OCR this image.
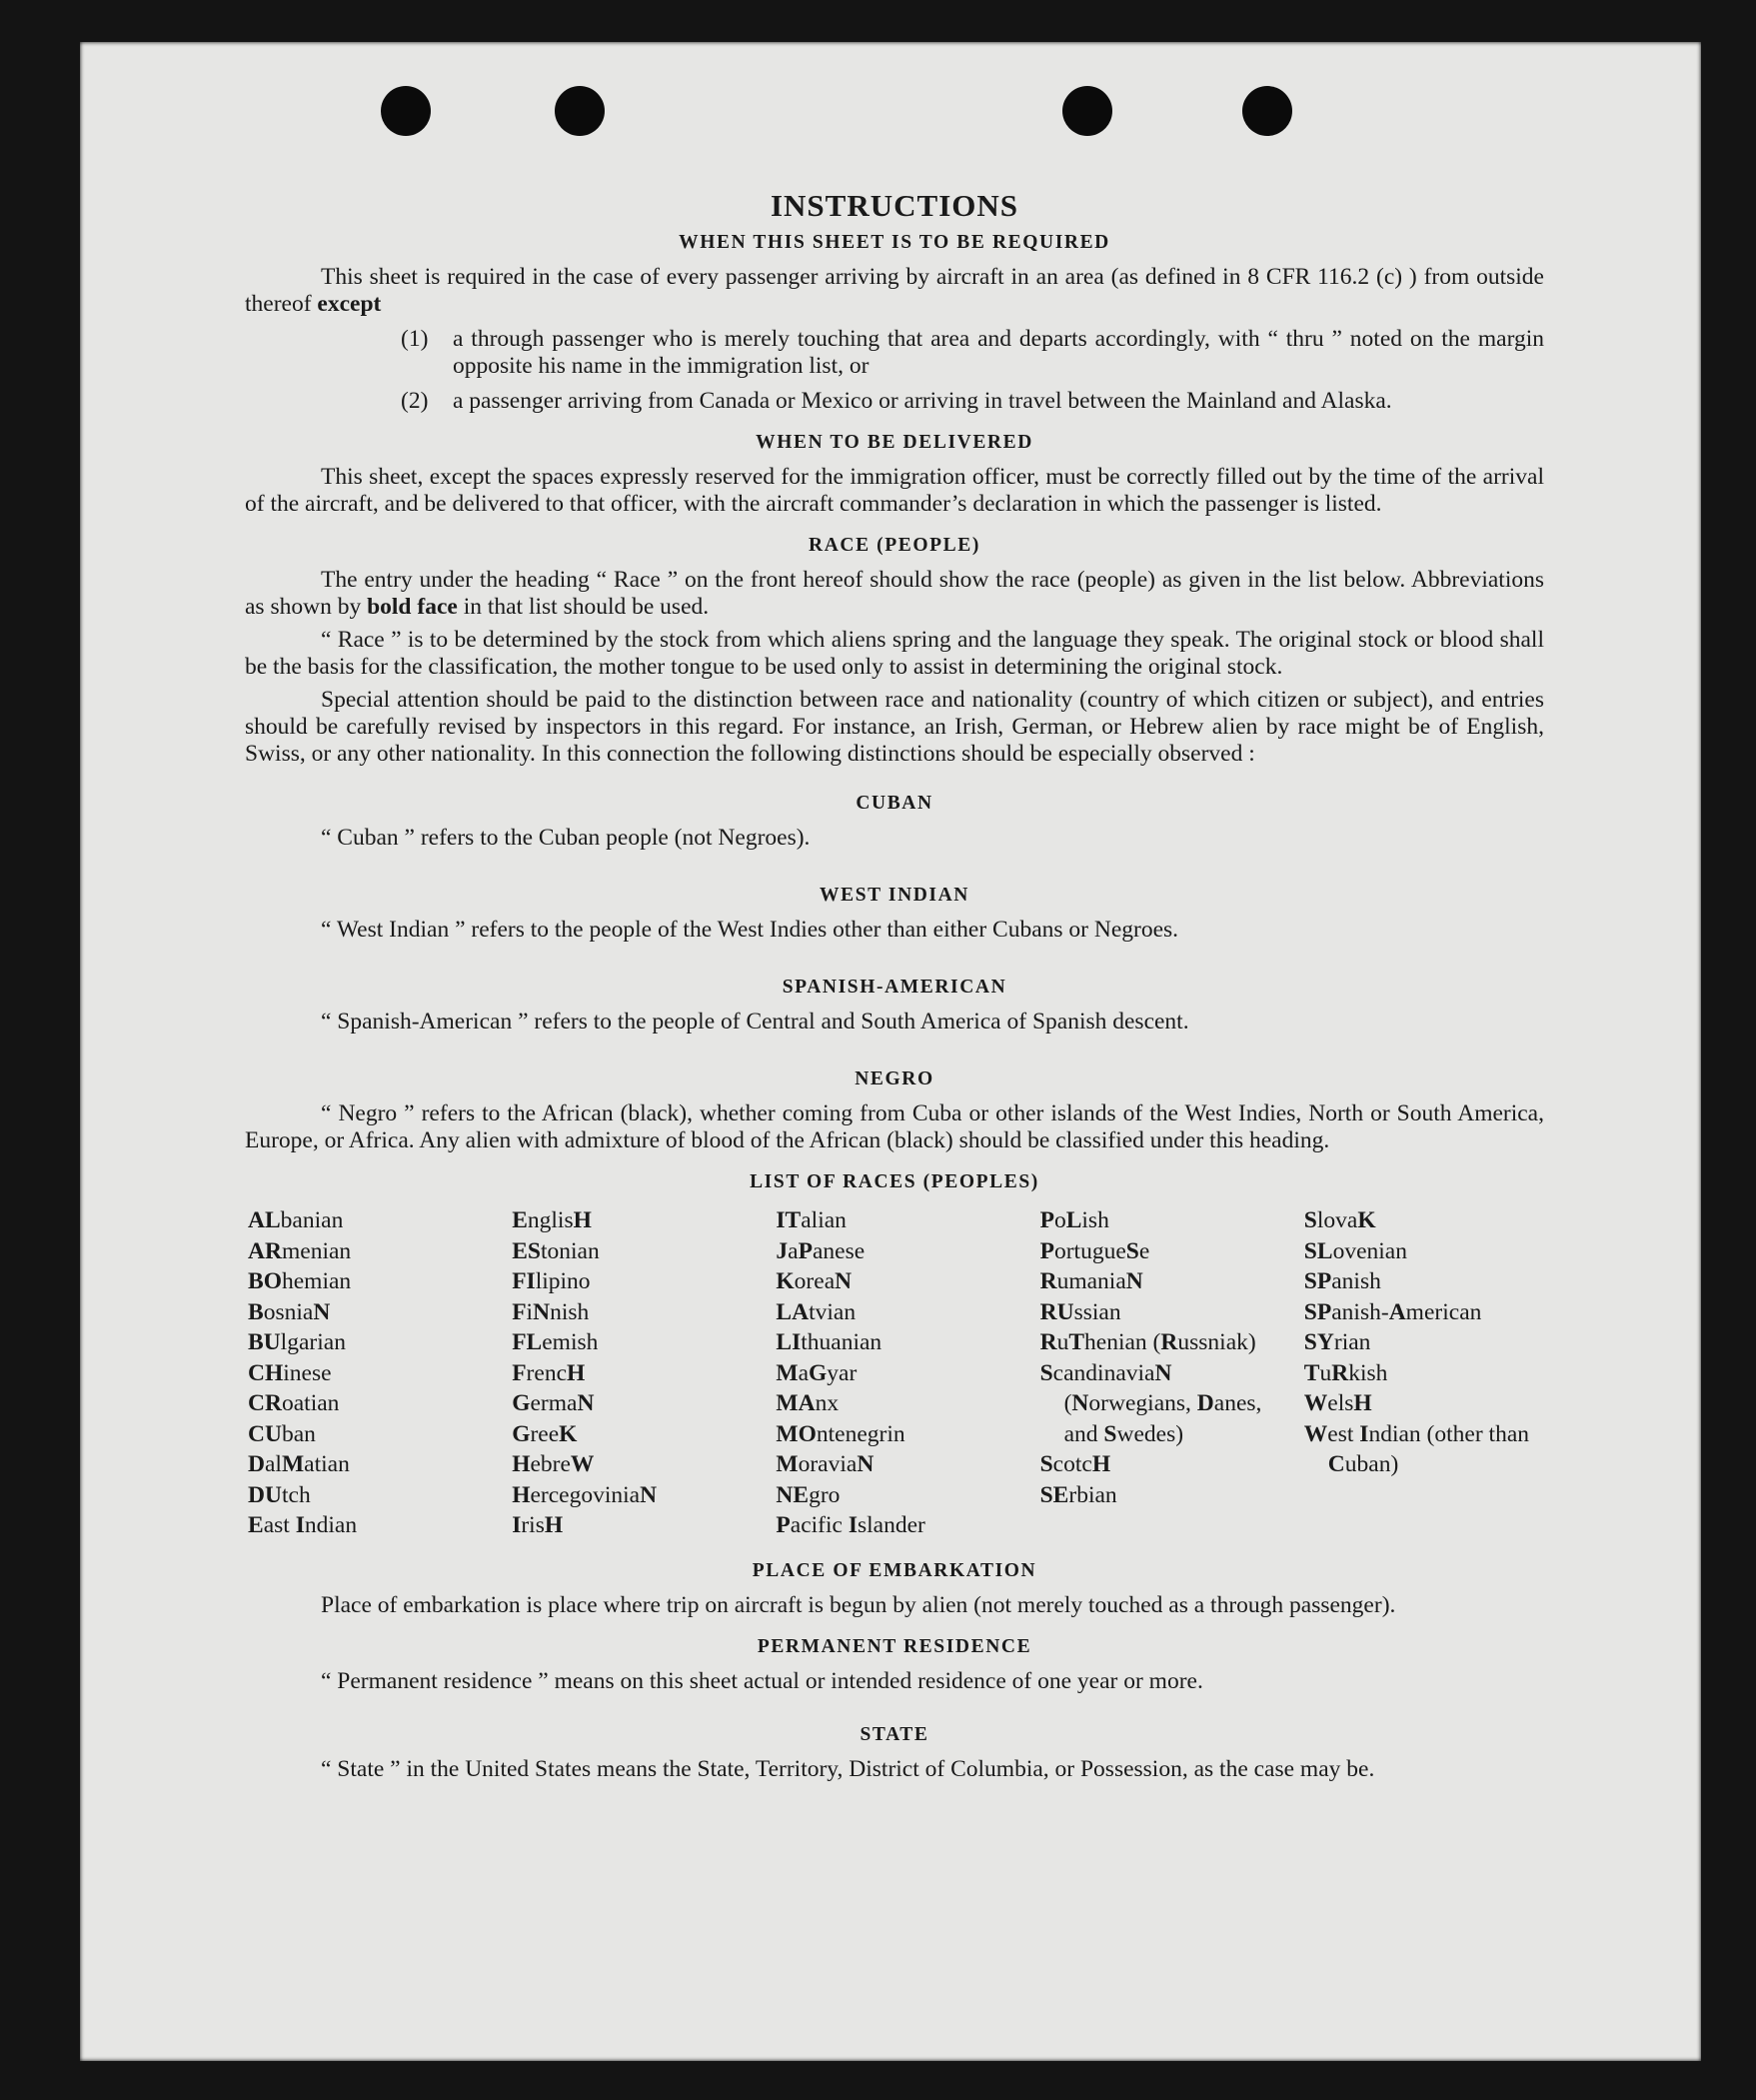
INSTRUCTIONS
WHEN THIS SHEET IS TO BE REQUIRED

This sheet is required in the case of every passenger arriving by aircraft in an area (as defined in 8 CFR 116.2 (c) ) from outside thereof except

(1) a through passenger who is merely touching that area and departs accordingly, with “ thru ” noted on the margin opposite his name in the immigration list, or

(2) a passenger arriving from Canada or Mexico or arriving in travel between the Mainland and Alaska.

WHEN TO BE DELIVERED

This sheet, except the spaces expressly reserved for the immigration officer, must be correctly filled out by the time of the arrival of the aircraft, and be delivered to that officer, with the aircraft commander’s declaration in which the passenger is listed.

RACE (PEOPLE)

The entry under the heading “ Race ” on the front hereof should show the race (people) as given in the list below. Abbreviations as shown by bold face in that list should be used.

“ Race ” is to be determined by the stock from which aliens spring and the language they speak. The original stock or blood shall be the basis for the classification, the mother tongue to be used only to assist in determining the original stock.

Special attention should be paid to the distinction between race and nationality (country of which citizen or subject), and entries should be carefully revised by inspectors in this regard. For instance, an Irish, German, or Hebrew alien by race might be of English, Swiss, or any other nationality. In this connection the following distinctions should be especially observed :

CUBAN

“ Cuban ” refers to the Cuban people (not Negroes).

WEST INDIAN

“ West Indian ” refers to the people of the West Indies other than either Cubans or Negroes.

SPANISH-AMERICAN

“ Spanish-American ” refers to the people of Central and South America of Spanish descent.

NEGRO

“ Negro ” refers to the African (black), whether coming from Cuba or other islands of the West Indies, North or South America, Europe, or Africa. Any alien with admixture of blood of the African (black) should be classified under this heading.

LIST OF RACES (PEOPLES)
ALbanian
ARmenian
BOhemian
BosniaN
BUlgarian
CHinese
CRoatian
CUban
DalMatian
DUtch
East Indian
EnglisH
EStonian
FIlipino
FiNnish
FLemish
FrencH
GermaN
GreeK
HebreW
HercegoviniaN
IrisH
ITalian
JaPanese
KoreaN
LAtvian
LIthuanian
MaGyar
MAnx
MOntenegrin
MoraviaN
NEgro
Pacific Islander
PoLish
PortugueSe
RumaniaN
RUssian
RuThenian (Russniak)
ScandinaviaN (Norwegians, Danes, and Swedes)
ScotcH
SErbian
SlovaK
SLovenian
SPanish
SPanish-American
SYrian
TuRkish
WelsH
West Indian (other than Cuban)
PLACE OF EMBARKATION

Place of embarkation is place where trip on aircraft is begun by alien (not merely touched as a through passenger).

PERMANENT RESIDENCE

“ Permanent residence ” means on this sheet actual or intended residence of one year or more.

STATE

“ State ” in the United States means the State, Territory, District of Columbia, or Possession, as the case may be.
